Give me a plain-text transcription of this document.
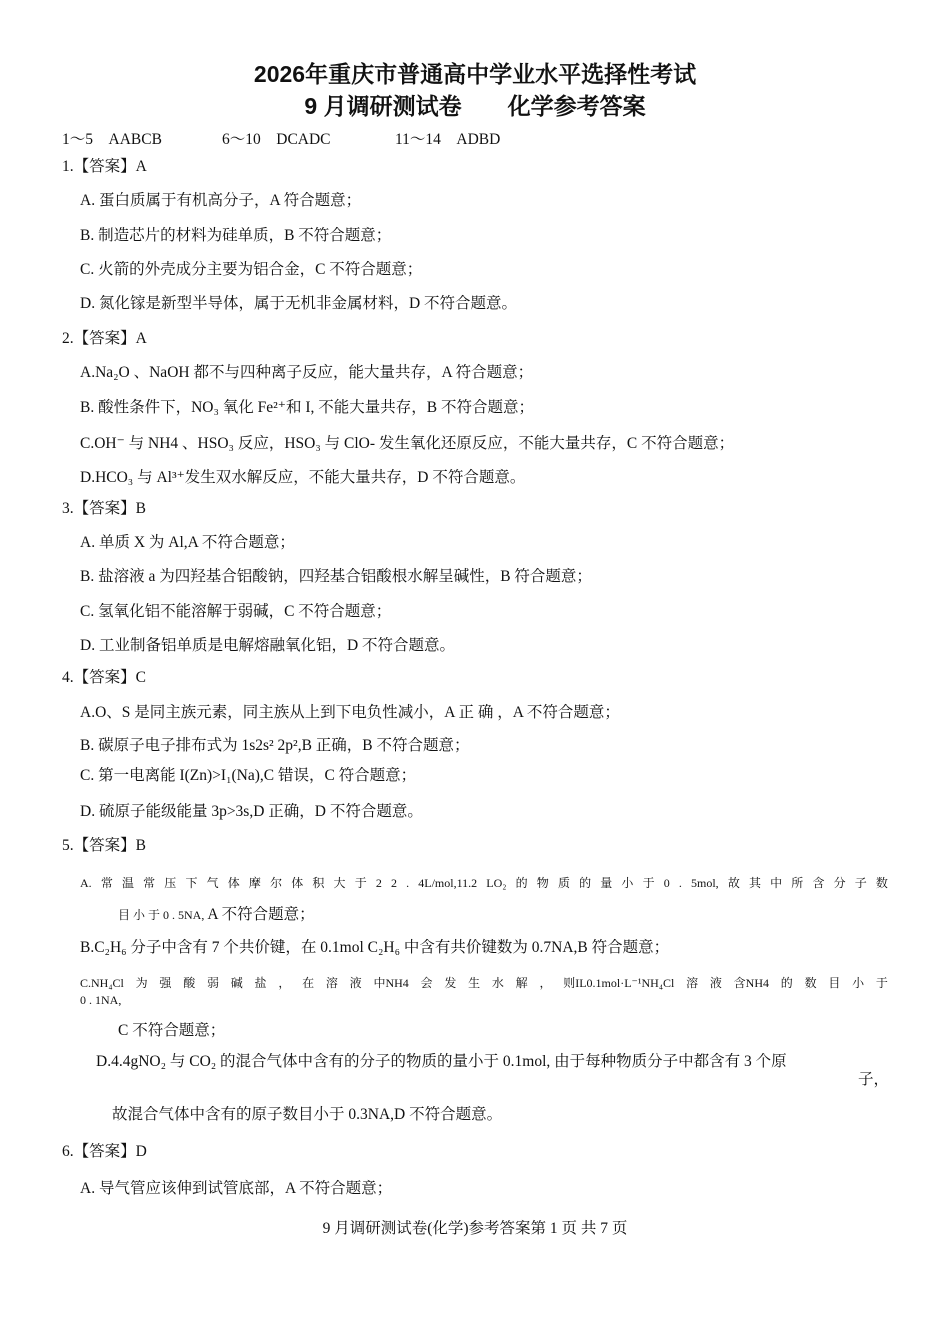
2026年重庆市普通高中学业水平选择性考试
9 月调研测试卷　　化学参考答案
1～5　AABCB	6～10　DCADC	11～14　ADBD
1.【答案】A
A. 蛋白质属于有机高分子，A 符合题意；
B. 制造芯片的材料为硅单质，B 不符合题意；
C. 火箭的外壳成分主要为铝合金，C 不符合题意；
D. 氮化镓是新型半导体，属于无机非金属材料，D 不符合题意。
2.【答案】A
A.Na₂O 、NaOH 都不与四种离子反应，能大量共存，A 符合题意；
B. 酸性条件下，NO₃ 氧化 Fe²⁺和 I, 不能大量共存，B 不符合题意；
C.OH⁻ 与 NH4 、HSO₃ 反应，HSO₃ 与 ClO- 发生氧化还原反应，不能大量共存，C 不符合题意；
D.HCO₃ 与 Al³⁺发生双水解反应，不能大量共存，D 不符合题意。
3.【答案】B
A. 单质 X 为 Al,A 不符合题意；
B. 盐溶液 a 为四羟基合铝酸钠，四羟基合铝酸根水解呈碱性，B 符合题意；
C. 氢氧化铝不能溶解于弱碱，C 不符合题意；
D. 工业制备铝单质是电解熔融氧化铝，D 不符合题意。
4.【答案】C
A.O、S 是同主族元素，同主族从上到下电负性减小，A 正 确 ，A 不符合题意；
B. 碳原子电子排布式为 1s2s² 2p²,B 正确，B 不符合题意；
C. 第一电离能 I(Zn)>I₁(Na),C 错误，C 符合题意；
D. 硫原子能级能量 3p>3s,D 正确，D 不符合题意。
5.【答案】B
A. 常 温 常 压 下 气 体 摩 尔 体 积 大 于 2 2 . 4L/mol,11.2 LO₂ 的 物 质 的 量 小 于 0 . 5mol, 故 其 中 所 含 分 子 数
目 小 于 0 . 5NA, A 不符合题意；
B.C₂H₆ 分子中含有 7 个共价键，在 0.1mol C₂H₆ 中含有共价键数为 0.7NA,B 符合题意；
C.NH₄Cl 为 强 酸 弱 碱 盐 ， 在 溶 液 中NH4 会 发 生 水 解 ， 则IL0.1mol·L⁻¹NH₄Cl 溶 液 含NH4 的 数 目 小 于
0 . 1NA,
C 不符合题意；
D.4.4gNO₂ 与 CO₂ 的混合气体中含有的分子的物质的量小于 0.1mol, 由于每种物质分子中都含有 3 个原
子，
故混合气体中含有的原子数目小于 0.3NA,D 不符合题意。
6.【答案】D
A. 导气管应该伸到试管底部，A 不符合题意；
9 月调研测试卷(化学)参考答案第 1 页 共 7 页
